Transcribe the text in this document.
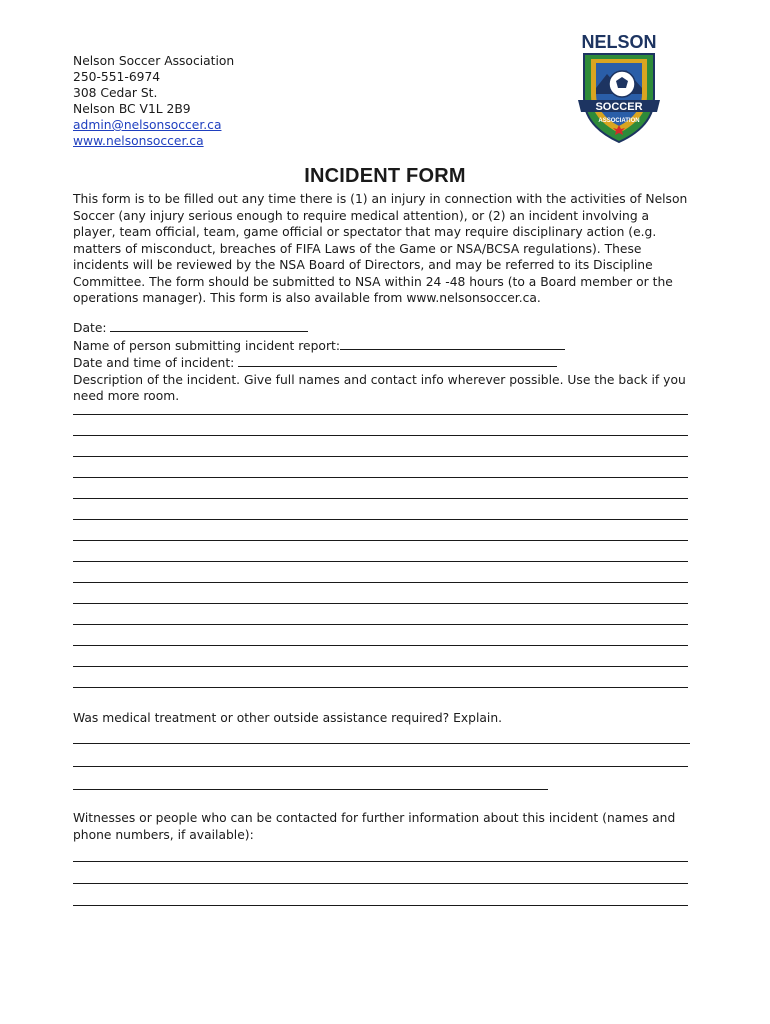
Nelson Soccer Association
250-551-6974
308 Cedar St.
Nelson BC V1L 2B9
admin@nelsonsoccer.ca
www.nelsonsoccer.ca
NELSON
SOCCER
ASSOCIATION
INCIDENT FORM
This form is to be filled out any time there is (1) an injury in connection with the activities of Nelson Soccer (any injury serious enough to require medical attention), or (2) an incident involving a player, team official, team, game official or spectator that may require disciplinary action (e.g. matters of misconduct, breaches of FIFA Laws of the Game or NSA/BCSA regulations). These incidents will be reviewed by the NSA Board of Directors, and may be referred to its Discipline Committee. The form should be submitted to NSA within 24 -48 hours (to a Board member or the operations manager). This form is also available from www.nelsonsoccer.ca.
Date:
Name of person submitting incident report:
Date and time of incident:
Description of the incident. Give full names and contact info wherever possible. Use the back if you need more room.
Was medical treatment or other outside assistance required? Explain.
Witnesses or people who can be contacted for further information about this incident (names and phone numbers, if available):
